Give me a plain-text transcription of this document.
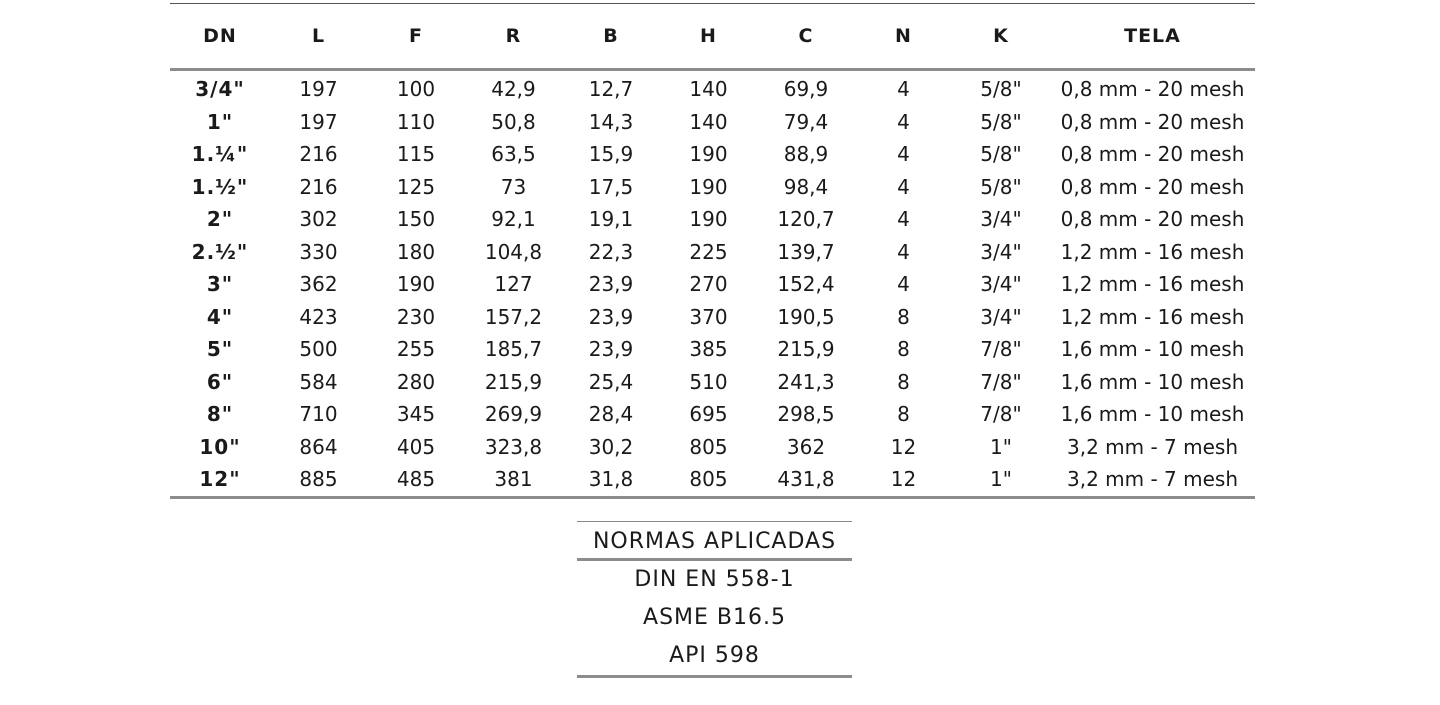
DN	L	F	R	B	H	C	N	K	TELA
3/4"	197	100	42,9	12,7	140	69,9	4	5/8"	0,8 mm - 20 mesh
1"	197	110	50,8	14,3	140	79,4	4	5/8"	0,8 mm - 20 mesh
1.¼"	216	115	63,5	15,9	190	88,9	4	5/8"	0,8 mm - 20 mesh
1.½"	216	125	73	17,5	190	98,4	4	5/8"	0,8 mm - 20 mesh
2"	302	150	92,1	19,1	190	120,7	4	3/4"	0,8 mm - 20 mesh
2.½"	330	180	104,8	22,3	225	139,7	4	3/4"	1,2 mm - 16 mesh
3"	362	190	127	23,9	270	152,4	4	3/4"	1,2 mm - 16 mesh
4"	423	230	157,2	23,9	370	190,5	8	3/4"	1,2 mm - 16 mesh
5"	500	255	185,7	23,9	385	215,9	8	7/8"	1,6 mm - 10 mesh
6"	584	280	215,9	25,4	510	241,3	8	7/8"	1,6 mm - 10 mesh
8"	710	345	269,9	28,4	695	298,5	8	7/8"	1,6 mm - 10 mesh
10"	864	405	323,8	30,2	805	362	12	1"	3,2 mm - 7 mesh
12"	885	485	381	31,8	805	431,8	12	1"	3,2 mm - 7 mesh
NORMAS APLICADAS
DIN EN 558-1
ASME B16.5
API 598
